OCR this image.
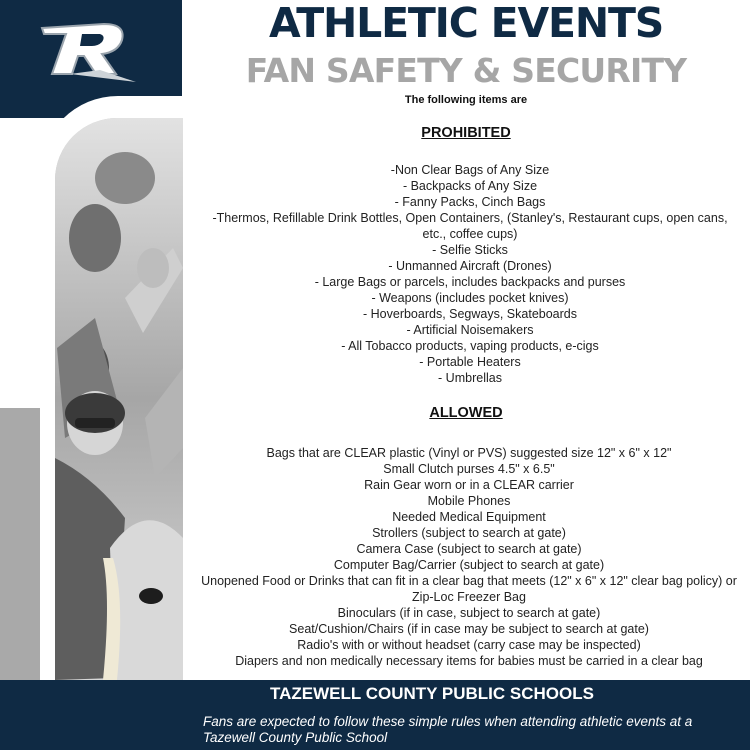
ATHLETIC EVENTS
FAN SAFETY & SECURITY
The following items are
PROHIBITED
-Non Clear Bags of Any Size
- Backpacks of Any Size
- Fanny Packs, Cinch Bags
-Thermos, Refillable Drink Bottles, Open Containers, (Stanley's, Restaurant cups, open cans, etc., coffee cups)
- Selfie Sticks
- Unmanned Aircraft (Drones)
- Large Bags or parcels, includes backpacks and purses
- Weapons (includes pocket knives)
- Hoverboards, Segways, Skateboards
- Artificial Noisemakers
- All Tobacco products, vaping products, e-cigs
- Portable Heaters
- Umbrellas
ALLOWED
Bags that are CLEAR plastic (Vinyl or PVS) suggested size 12" x 6" x 12"
Small Clutch purses 4.5" x 6.5"
Rain Gear worn or in a CLEAR carrier
Mobile Phones
Needed Medical Equipment
Strollers (subject to search at gate)
Camera Case (subject to search at gate)
Computer Bag/Carrier (subject to search at gate)
Unopened Food or Drinks that can fit in a clear bag that meets (12" x 6" x 12" clear bag policy) or Zip-Loc Freezer Bag
Binoculars (if in case, subject to search at gate)
Seat/Cushion/Chairs (if in case may be subject to search at gate)
Radio's with or without headset (carry case may be inspected)
Diapers and non medically necessary items for babies must be carried in a clear bag
TAZEWELL COUNTY PUBLIC SCHOOLS
Fans are expected to follow these simple rules when attending athletic events at a Tazewell County Public School
